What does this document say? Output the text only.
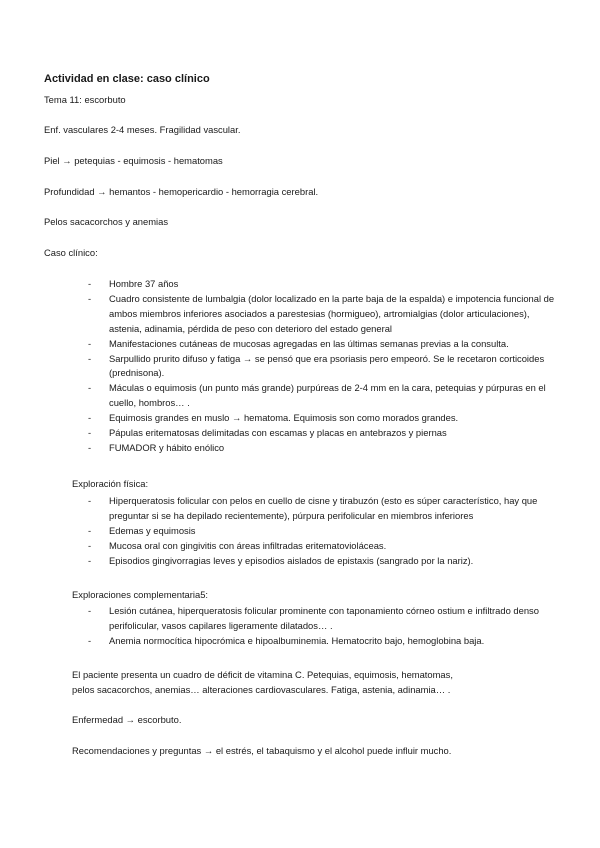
Actividad en clase: caso clínico
Tema 11: escorbuto
Enf. vasculares 2-4 meses. Fragilidad vascular.
Piel → petequias - equimosis - hematomas
Profundidad → hemantos - hemopericardio - hemorragia cerebral.
Pelos sacacorchos y anemias
Caso clínico:
- Hombre 37 años
- Cuadro consistente de lumbalgia (dolor localizado en la parte baja de la espalda) e impotencia funcional de ambos miembros inferiores asociados a parestesias (hormigueo), artromialgias (dolor articulaciones), astenia, adinamia, pérdida de peso con deterioro del estado general
- Manifestaciones cutáneas de mucosas agregadas en las últimas semanas previas a la consulta.
- Sarpullido prurito difuso y fatiga → se pensó que era psoriasis pero empeoró. Se le recetaron corticoides (prednisona).
- Máculas o equimosis (un punto más grande) purpúreas de 2-4 mm en la cara, petequias y púrpuras en el cuello, hombros… .
- Equimosis grandes en muslo → hematoma. Equimosis son como morados grandes.
- Pápulas eritematosas delimitadas con escamas y placas en antebrazos y piernas
- FUMADOR y hábito enólico
Exploración física:
- Hiperqueratosis folicular con pelos en cuello de cisne y tirabuzón (esto es súper característico, hay que preguntar si se ha depilado recientemente), púrpura perifolicular en miembros inferiores
- Edemas y equimosis
- Mucosa oral con gingivitis con áreas infiltradas eritematovioláceas.
- Episodios gingivorragias leves y episodios aislados de epistaxis (sangrado por la nariz).
Exploraciones complementaria5:
- Lesión cutánea, hiperqueratosis folicular prominente con taponamiento córneo ostium e infiltrado denso perifolicular, vasos capilares ligeramente dilatados… .
- Anemia normocítica hipocrómica e hipoalbuminemia. Hematocrito bajo, hemoglobina baja.
El paciente presenta un cuadro de déficit de vitamina C. Petequias, equimosis, hematomas, pelos sacacorchos, anemias… alteraciones cardiovasculares. Fatiga, astenia, adinamia… .
Enfermedad → escorbuto.
Recomendaciones y preguntas → el estrés, el tabaquismo y el alcohol puede influir mucho.
